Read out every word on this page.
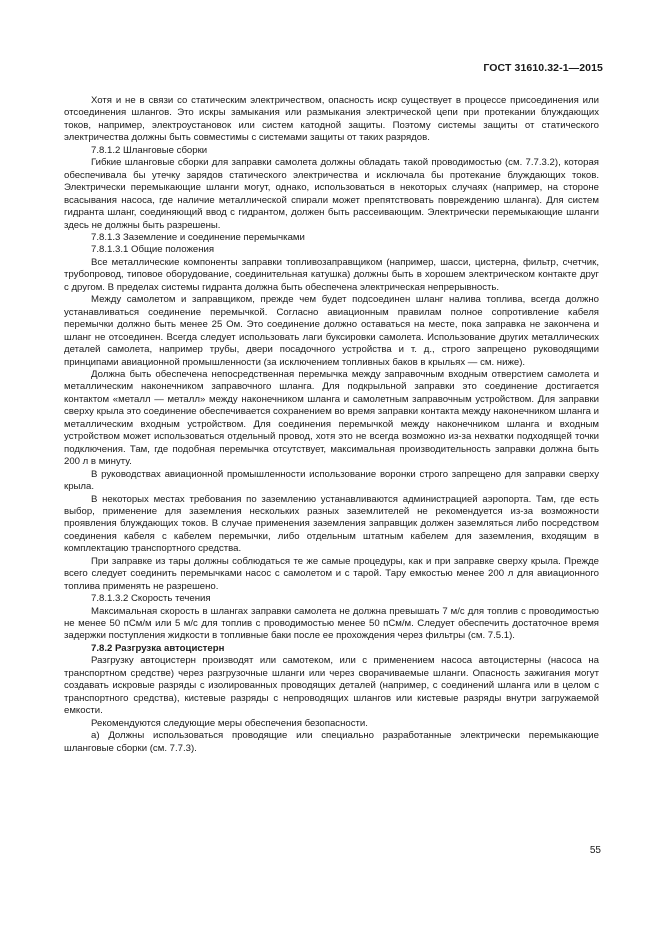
ГОСТ 31610.32-1—2015

Хотя и не в связи со статическим электричеством, опасность искр существует в процессе присоединения или отсоединения шлангов. Это искры замыкания или размыкания электрической цепи при протекании блуждающих токов, например, электроустановок или систем катодной защиты. Поэтому системы защиты от статического электричества должны быть совместимы с системами защиты от таких разрядов.

7.8.1.2 Шланговые сборки

Гибкие шланговые сборки для заправки самолета должны обладать такой проводимостью (см. 7.7.3.2), которая обеспечивала бы утечку зарядов статического электричества и исключала бы протекание блуждающих токов. Электрически перемыкающие шланги могут, однако, использоваться в некоторых случаях (например, на стороне всасывания насоса, где наличие металлической спирали может препятствовать повреждению шланга). Для систем гидранта шланг, соединяющий ввод с гидрантом, должен быть рассеивающим. Электрически перемыкающие шланги здесь не должны быть разрешены.

7.8.1.3 Заземление и соединение перемычками

7.8.1.3.1 Общие положения

Все металлические компоненты заправки топливозаправщиком (например, шасси, цистерна, фильтр, счетчик, трубопровод, типовое оборудование, соединительная катушка) должны быть в хорошем электрическом контакте друг с другом. В пределах системы гидранта должна быть обеспечена электрическая непрерывность.

Между самолетом и заправщиком, прежде чем будет подсоединен шланг налива топлива, всегда должно устанавливаться соединение перемычкой. Согласно авиационным правилам полное сопротивление кабеля перемычки должно быть менее 25 Ом. Это соединение должно оставаться на месте, пока заправка не закончена и шланг не отсоединен. Всегда следует использовать лаги буксировки самолета. Использование других металлических деталей самолета, например трубы, двери посадочного устройства и т. д., строго запрещено руководящими принципами авиационной промышленности (за исключением топливных баков в крыльях — см. ниже).

Должна быть обеспечена непосредственная перемычка между заправочным входным отверстием самолета и металлическим наконечником заправочного шланга. Для подкрыльной заправки это соединение достигается контактом «металл — металл» между наконечником шланга и самолетным заправочным устройством. Для заправки сверху крыла это соединение обеспечивается сохранением во время заправки контакта между наконечником шланга и металлическим входным устройством. Для соединения перемычкой между наконечником шланга и входным устройством может использоваться отдельный провод, хотя это не всегда возможно из-за нехватки подходящей точки подключения. Там, где подобная перемычка отсутствует, максимальная производительность заправки должна быть 200 л в минуту.

В руководствах авиационной промышленности использование воронки строго запрещено для заправки сверху крыла.

В некоторых местах требования по заземлению устанавливаются администрацией аэропорта. Там, где есть выбор, применение для заземления нескольких разных заземлителей не рекомендуется из-за возможности проявления блуждающих токов. В случае применения заземления заправщик должен заземляться либо посредством соединения кабеля с кабелем перемычки, либо отдельным штатным кабелем для заземления, входящим в комплектацию транспортного средства.

При заправке из тары должны соблюдаться те же самые процедуры, как и при заправке сверху крыла. Прежде всего следует соединить перемычками насос с самолетом и с тарой. Тару емкостью менее 200 л для авиационного топлива применять не разрешено.

7.8.1.3.2 Скорость течения

Максимальная скорость в шлангах заправки самолета не должна превышать 7 м/с для топлив с проводимостью не менее 50 пСм/м или 5 м/с для топлив с проводимостью менее 50 пСм/м. Следует обеспечить достаточное время задержки поступления жидкости в топливные баки после ее прохождения через фильтры (см. 7.5.1).

7.8.2 Разгрузка автоцистерн

Разгрузку автоцистерн производят или самотеком, или с применением насоса автоцистерны (насоса на транспортном средстве) через разгрузочные шланги или через сворачиваемые шланги. Опасность зажигания могут создавать искровые разряды с изолированных проводящих деталей (например, с соединений шланга или в целом с транспортного средства), кистевые разряды с непроводящих шлангов или кистевые разряды внутри загружаемой емкости.

Рекомендуются следующие меры обеспечения безопасности.

а) Должны использоваться проводящие или специально разработанные электрически перемыкающие шланговые сборки (см. 7.7.3).

55
